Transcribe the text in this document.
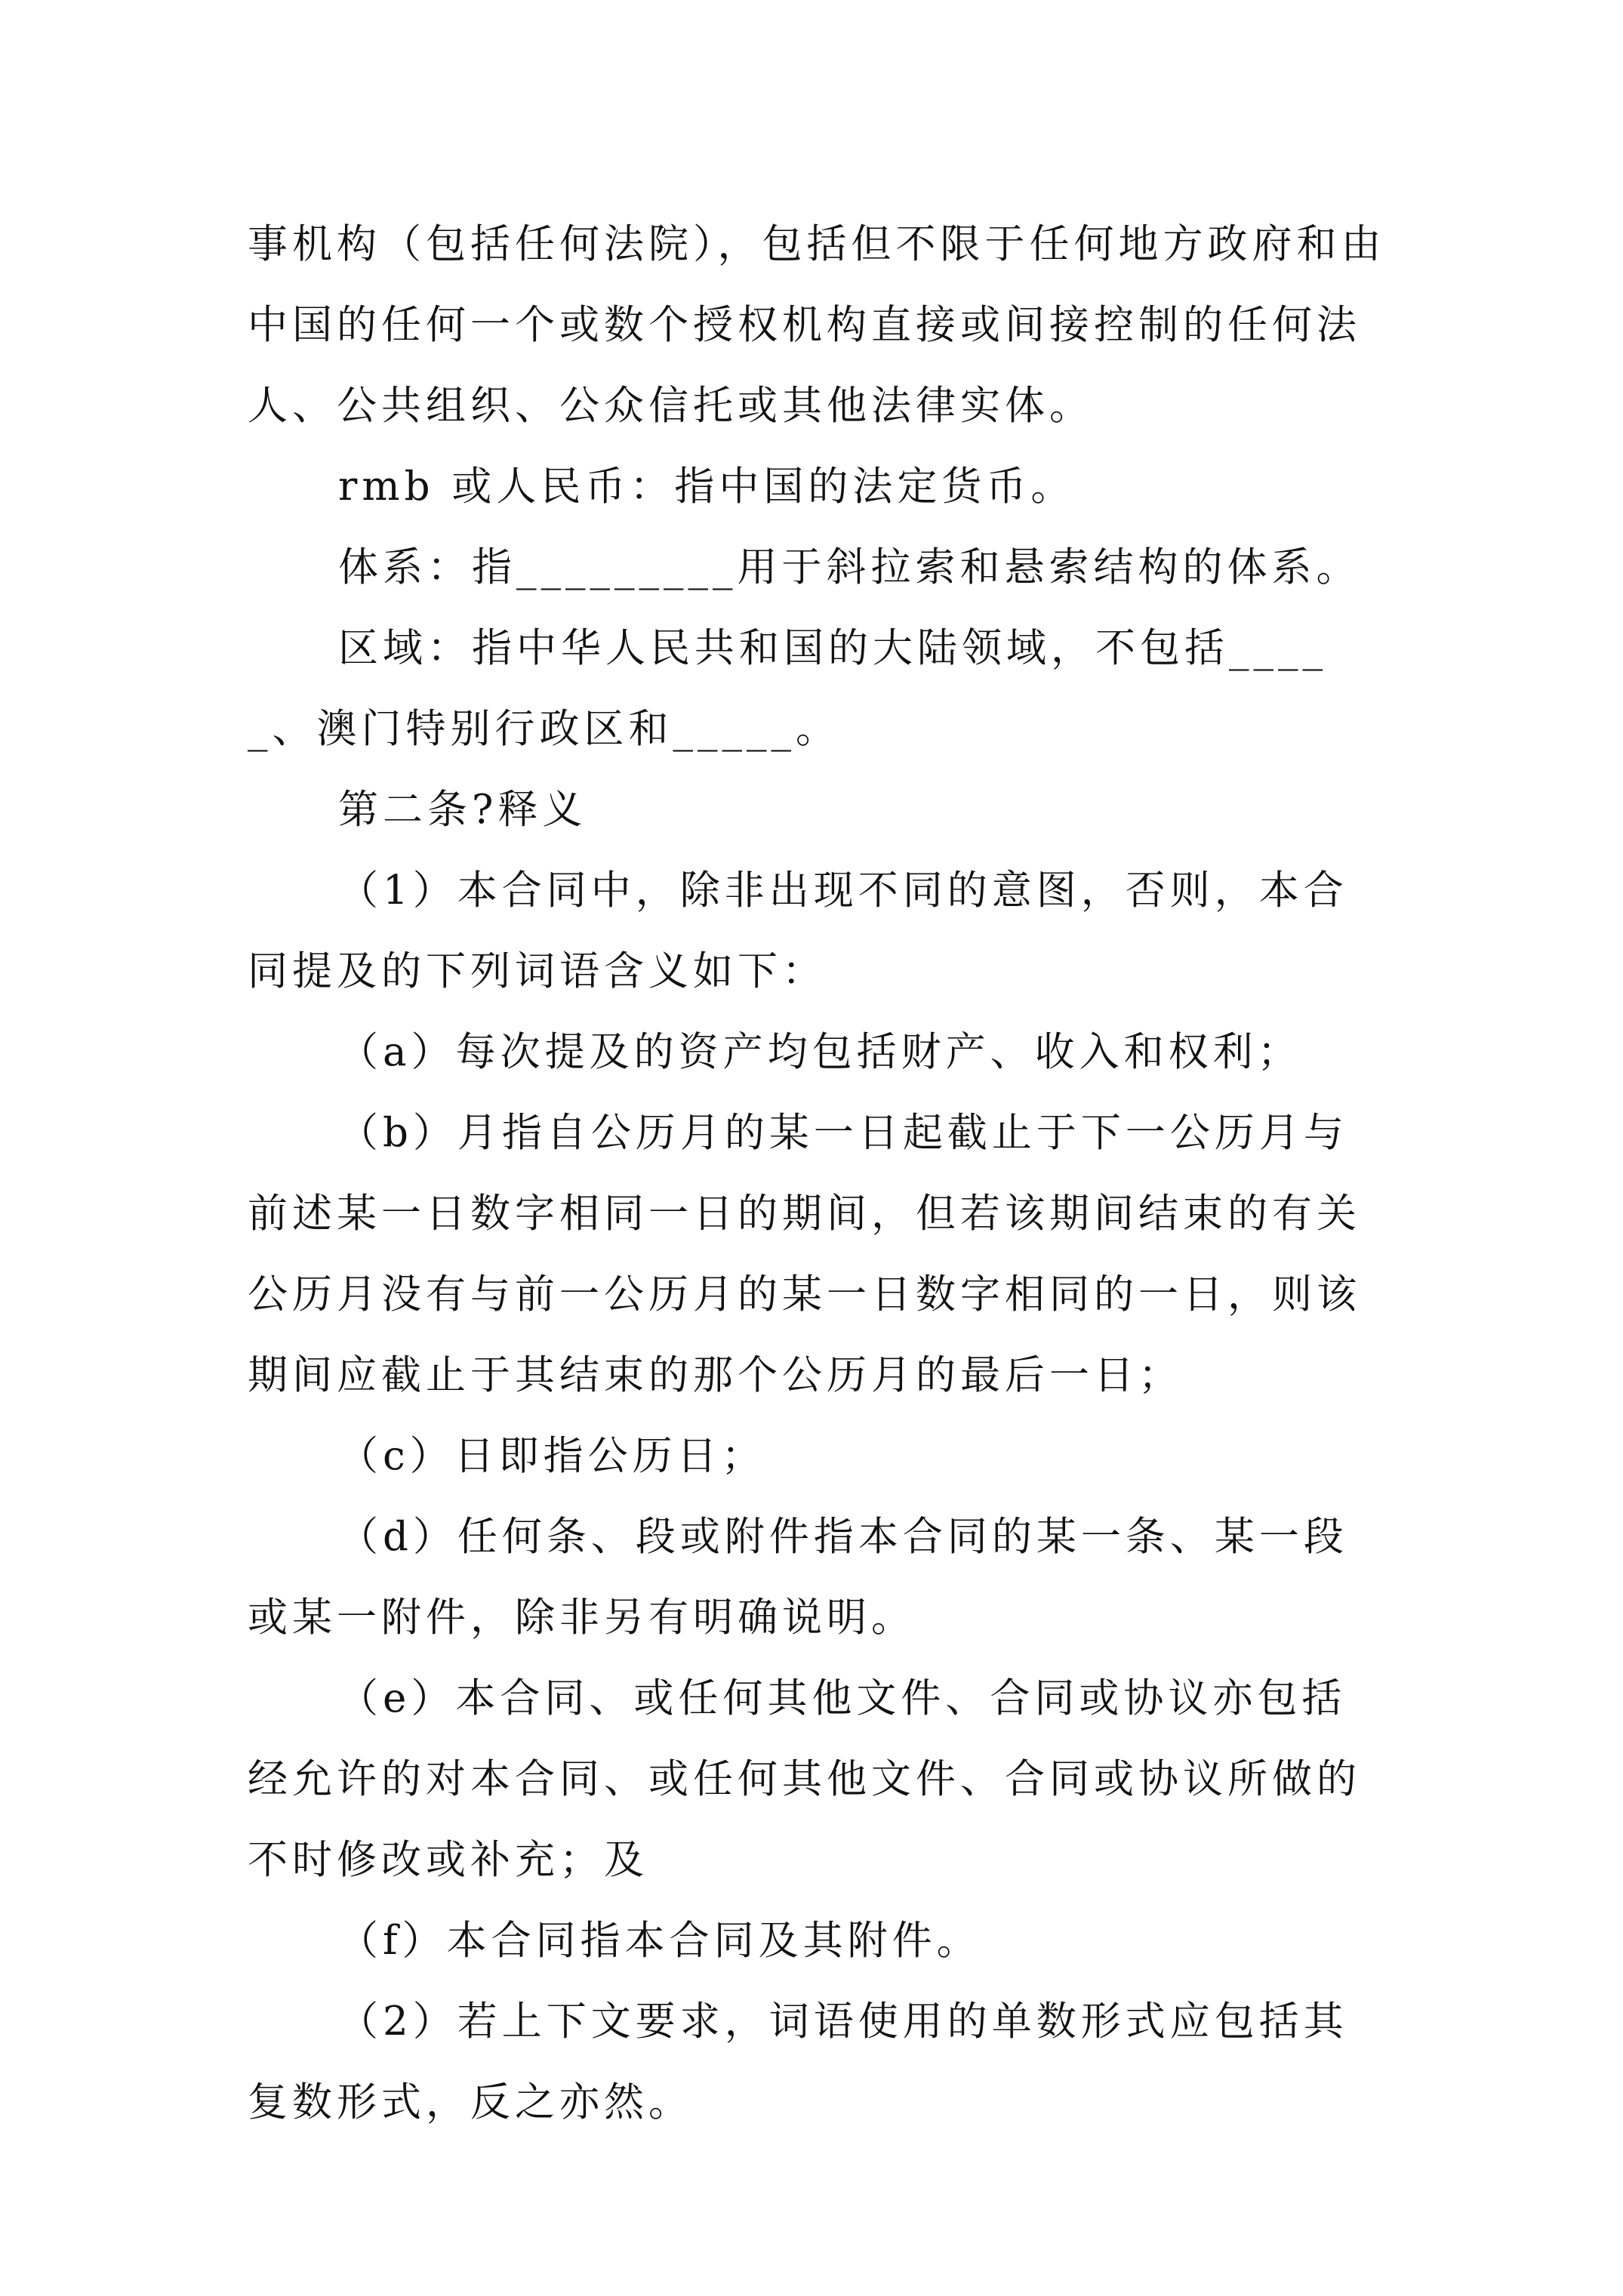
事机构（包括任何法院），包括但不限于任何地方政府和由中国的任何一个或数个授权机构直接或间接控制的任何法人、公共组织、公众信托或其他法律实体。

rmb 或人民币：指中国的法定货币。

体系：指_________用于斜拉索和悬索结构的体系。

区域：指中华人民共和国的大陆领域，不包括_____、澳门特别行政区和_____。

第二条?释义

（1）本合同中，除非出现不同的意图，否则，本合同提及的下列词语含义如下：

（a）每次提及的资产均包括财产、收入和权利；

（b）月指自公历月的某一日起截止于下一公历月与前述某一日数字相同一日的期间，但若该期间结束的有关公历月没有与前一公历月的某一日数字相同的一日，则该期间应截止于其结束的那个公历月的最后一日；

（c）日即指公历日；

（d）任何条、段或附件指本合同的某一条、某一段或某一附件，除非另有明确说明。

（e）本合同、或任何其他文件、合同或协议亦包括经允许的对本合同、或任何其他文件、合同或协议所做的不时修改或补充；及

（f）本合同指本合同及其附件。

（2）若上下文要求，词语使用的单数形式应包括其复数形式，反之亦然。
